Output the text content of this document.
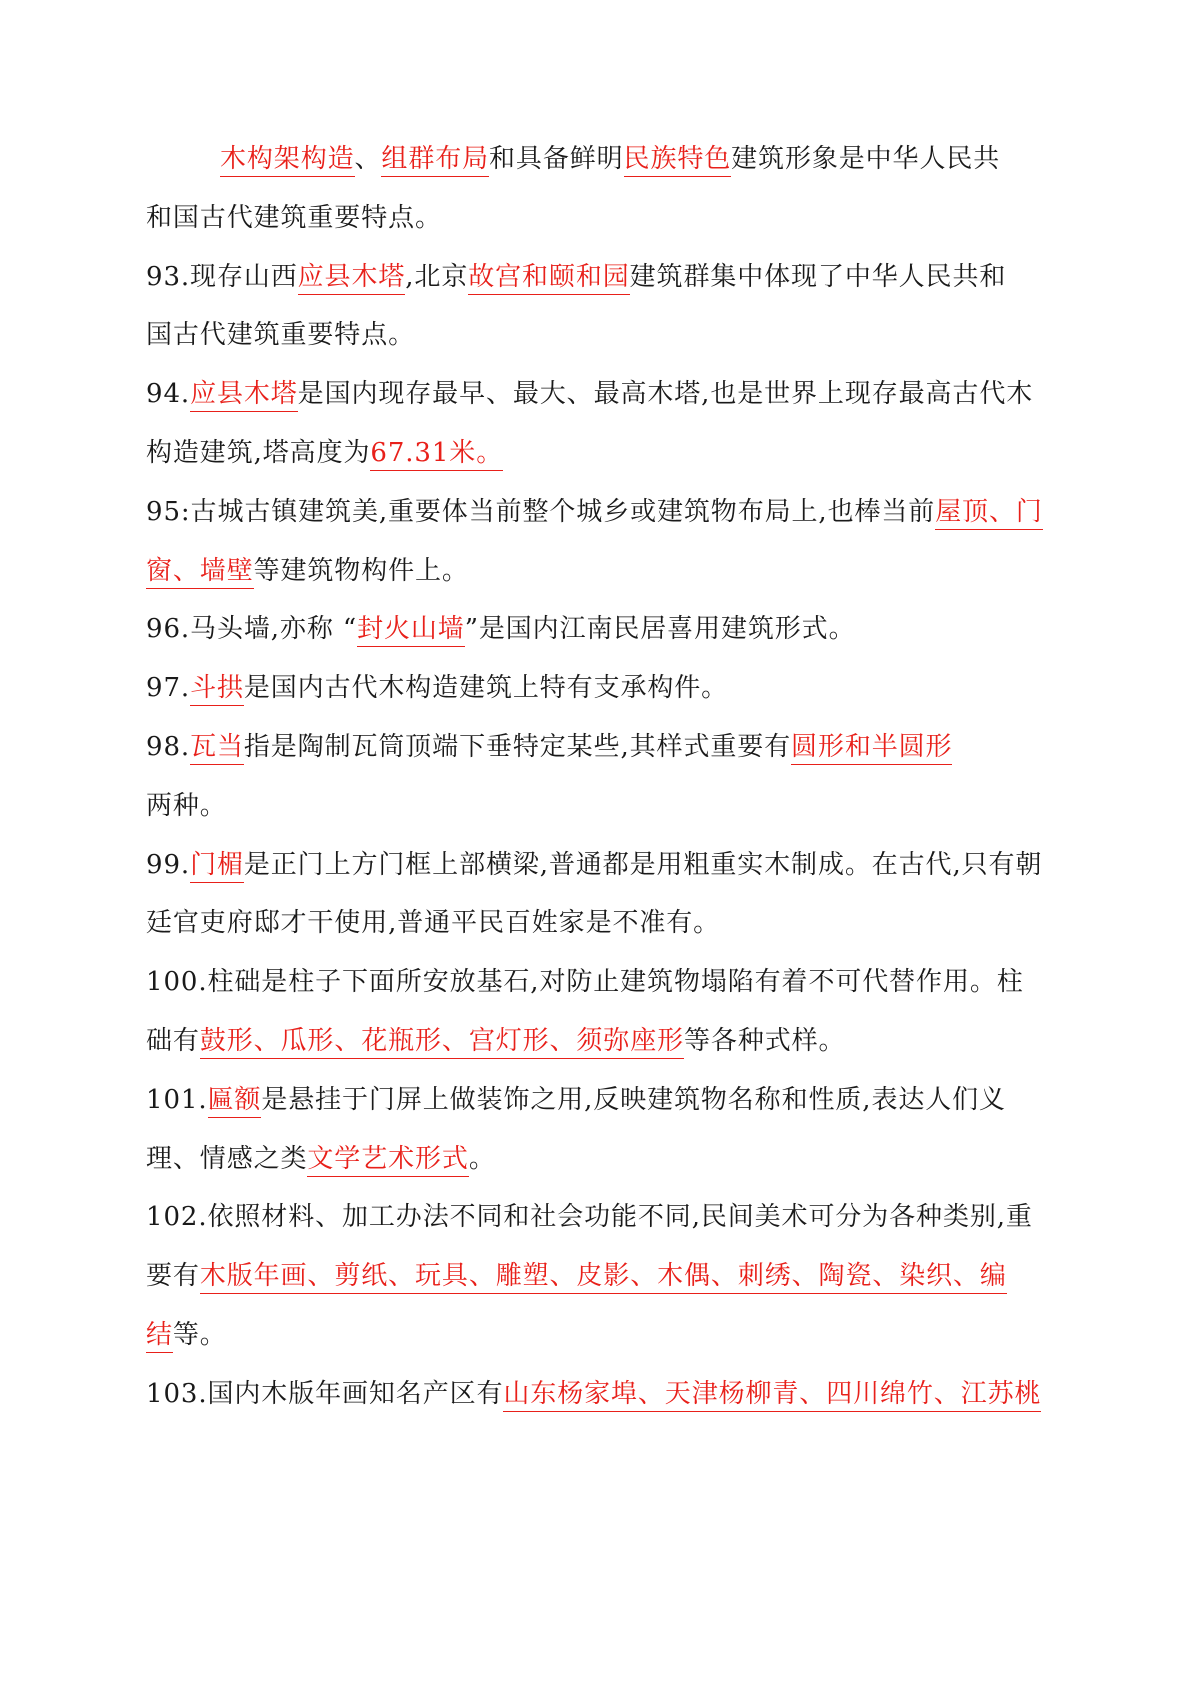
木构架构造、组群布局和具备鲜明民族特色建筑形象是中华人民共
和国古代建筑重要特点。
93.现存山西应县木塔,北京故宫和颐和园建筑群集中体现了中华人民共和
国古代建筑重要特点。
94.应县木塔是国内现存最早、最大、最高木塔,也是世界上现存最高古代木
构造建筑,塔高度为67.31米。
95:古城古镇建筑美,重要体当前整个城乡或建筑物布局上,也棒当前屋顶、门
窗、墙壁等建筑物构件上。
96.马头墙,亦称 “封火山墙”是国内江南民居喜用建筑形式。
97.斗拱是国内古代木构造建筑上特有支承构件。
98.瓦当指是陶制瓦筒顶端下垂特定某些,其样式重要有圆形和半圆形
两种。
99.门楣是正门上方门框上部横梁,普通都是用粗重实木制成。在古代,只有朝
廷官吏府邸才干使用,普通平民百姓家是不准有。
100.柱础是柱子下面所安放基石,对防止建筑物塌陷有着不可代替作用。柱
础有鼓形、瓜形、花瓶形、宫灯形、须弥座形等各种式样。
101.匾额是悬挂于门屏上做装饰之用,反映建筑物名称和性质,表达人们义
理、情感之类文学艺术形式。
102.依照材料、加工办法不同和社会功能不同,民间美术可分为各种类别,重
要有木版年画、剪纸、玩具、雕塑、皮影、木偶、刺绣、陶瓷、染织、编
结等。
103.国内木版年画知名产区有山东杨家埠、天津杨柳青、四川绵竹、江苏桃
